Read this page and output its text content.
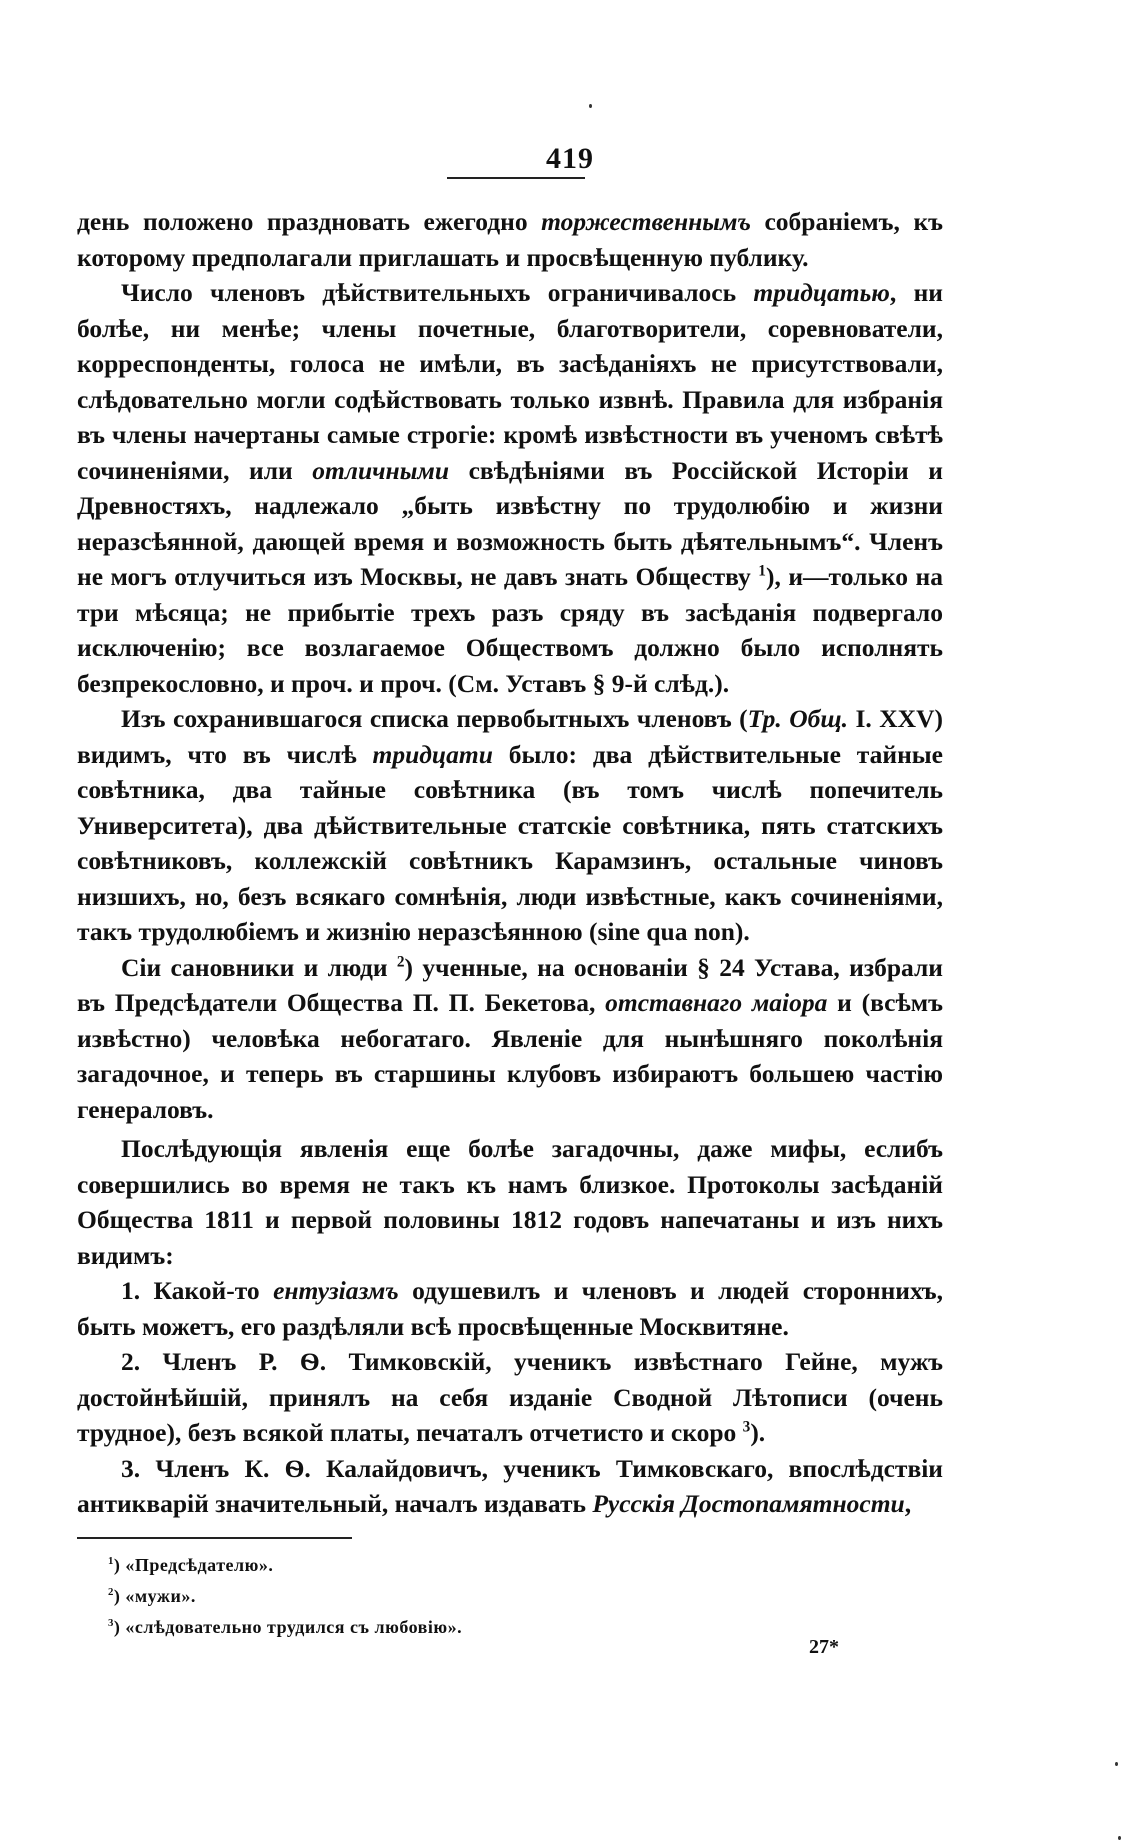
419

день положено праздновать ежегодно торжественнымъ собраніемъ, къ которому предполагали приглашать и просвѣщенную публику.

Число членовъ дѣйствительныхъ ограничивалось тридцатью, ни болѣе, ни менѣе; члены почетные, благотворители, соревнователи, корреспонденты, голоса не имѣли, въ засѣданіяхъ не присутствовали, слѣдовательно могли содѣйствовать только извнѣ. Правила для избранія въ члены начертаны самые строгіе: кромѣ извѣстности въ ученомъ свѣтѣ сочиненіями, или отличными свѣдѣніями въ Россійской Исторіи и Древностяхъ, надлежало „быть извѣстну по трудолюбію и жизни неразсѣянной, дающей время и возможность быть дѣятельнымъ“. Членъ не могъ отлучиться изъ Москвы, не давъ знать Обществу $^1$), и—только на три мѣсяца; не прибытіе трехъ разъ сряду въ засѣданія подвергало исключенію; все возлагаемое Обществомъ должно было исполнять безпрекословно, и проч. и проч. (См. Уставъ § 9-й слѣд.).

Изъ сохранившагося списка первобытныхъ членовъ (Тр. Общ. I. XXV) видимъ, что въ числѣ тридцати было: два дѣйствительные тайные совѣтника, два тайные совѣтника (въ томъ числѣ попечитель Университета), два дѣйствительные статскіе совѣтника, пять статскихъ совѣтниковъ, коллежскій совѣтникъ Карамзинъ, остальные чиновъ низшихъ, но, безъ всякаго сомнѣнія, люди извѣстные, какъ сочиненіями, такъ трудолюбіемъ и жизнію неразсѣянною (sine qua non).

Сіи сановники и люди $^2$) ученные, на основаніи § 24 Устава, избрали въ Предсѣдатели Общества П. П. Бекетова, отставнаго маіора и (всѣмъ извѣстно) человѣка небогатаго. Явленіе для нынѣшняго поколѣнія загадочное, и теперь въ старшины клубовъ избираютъ большею частію генераловъ.

Послѣдующія явленія еще болѣе загадочны, даже мифы, еслибъ совершились во время не такъ къ намъ близкое. Протоколы засѣданій Общества 1811 и первой половины 1812 годовъ напечатаны и изъ нихъ видимъ:

1. Какой-то ентузіазмъ одушевилъ и членовъ и людей стороннихъ, быть можетъ, его раздѣляли всѣ просвѣщенные Москвитяне.

2. Членъ Р. Ѳ. Тимковскій, ученикъ извѣстнаго Гейне, мужъ достойнѣйшій, принялъ на себя изданіе Сводной Лѣтописи (очень трудное), безъ всякой платы, печаталъ отчетисто и скоро $^3$).

3. Членъ К. Ѳ. Калайдовичъ, ученикъ Тимковскаго, впослѣдствіи антикварій значительный, началъ издавать Русскія Достопамятности,

$^1$) «Предсѣдателю».
$^2$) «мужи».
$^3$) «слѣдовательно трудился съ любовію».
27*
